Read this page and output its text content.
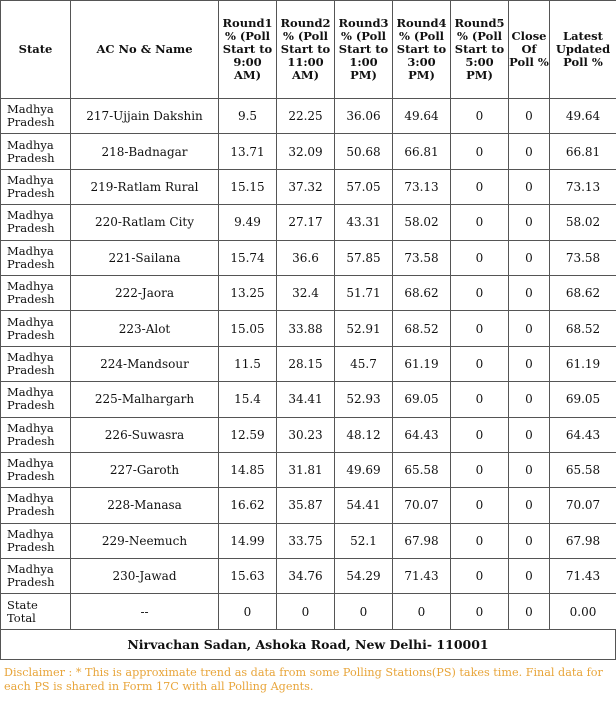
State	AC No & Name	Round1 % (Poll Start to 9:00 AM)	Round2 % (Poll Start to 11:00 AM)	Round3 % (Poll Start to 1:00 PM)	Round4 % (Poll Start to 3:00 PM)	Round5 % (Poll Start to 5:00 PM)	Close Of Poll %	Latest Updated Poll %
Madhya Pradesh	217-Ujjain Dakshin	9.5	22.25	36.06	49.64	0	0	49.64
Madhya Pradesh	218-Badnagar	13.71	32.09	50.68	66.81	0	0	66.81
Madhya Pradesh	219-Ratlam Rural	15.15	37.32	57.05	73.13	0	0	73.13
Madhya Pradesh	220-Ratlam City	9.49	27.17	43.31	58.02	0	0	58.02
Madhya Pradesh	221-Sailana	15.74	36.6	57.85	73.58	0	0	73.58
Madhya Pradesh	222-Jaora	13.25	32.4	51.71	68.62	0	0	68.62
Madhya Pradesh	223-Alot	15.05	33.88	52.91	68.52	0	0	68.52
Madhya Pradesh	224-Mandsour	11.5	28.15	45.7	61.19	0	0	61.19
Madhya Pradesh	225-Malhargarh	15.4	34.41	52.93	69.05	0	0	69.05
Madhya Pradesh	226-Suwasra	12.59	30.23	48.12	64.43	0	0	64.43
Madhya Pradesh	227-Garoth	14.85	31.81	49.69	65.58	0	0	65.58
Madhya Pradesh	228-Manasa	16.62	35.87	54.41	70.07	0	0	70.07
Madhya Pradesh	229-Neemuch	14.99	33.75	52.1	67.98	0	0	67.98
Madhya Pradesh	230-Jawad	15.63	34.76	54.29	71.43	0	0	71.43
State Total	--	0	0	0	0	0	0	0.00
Nirvachan Sadan, Ashoka Road, New Delhi- 110001
Disclaimer : * This is approximate trend as data from some Polling Stations(PS) takes time. Final data for each PS is shared in Form 17C with all Polling Agents.
